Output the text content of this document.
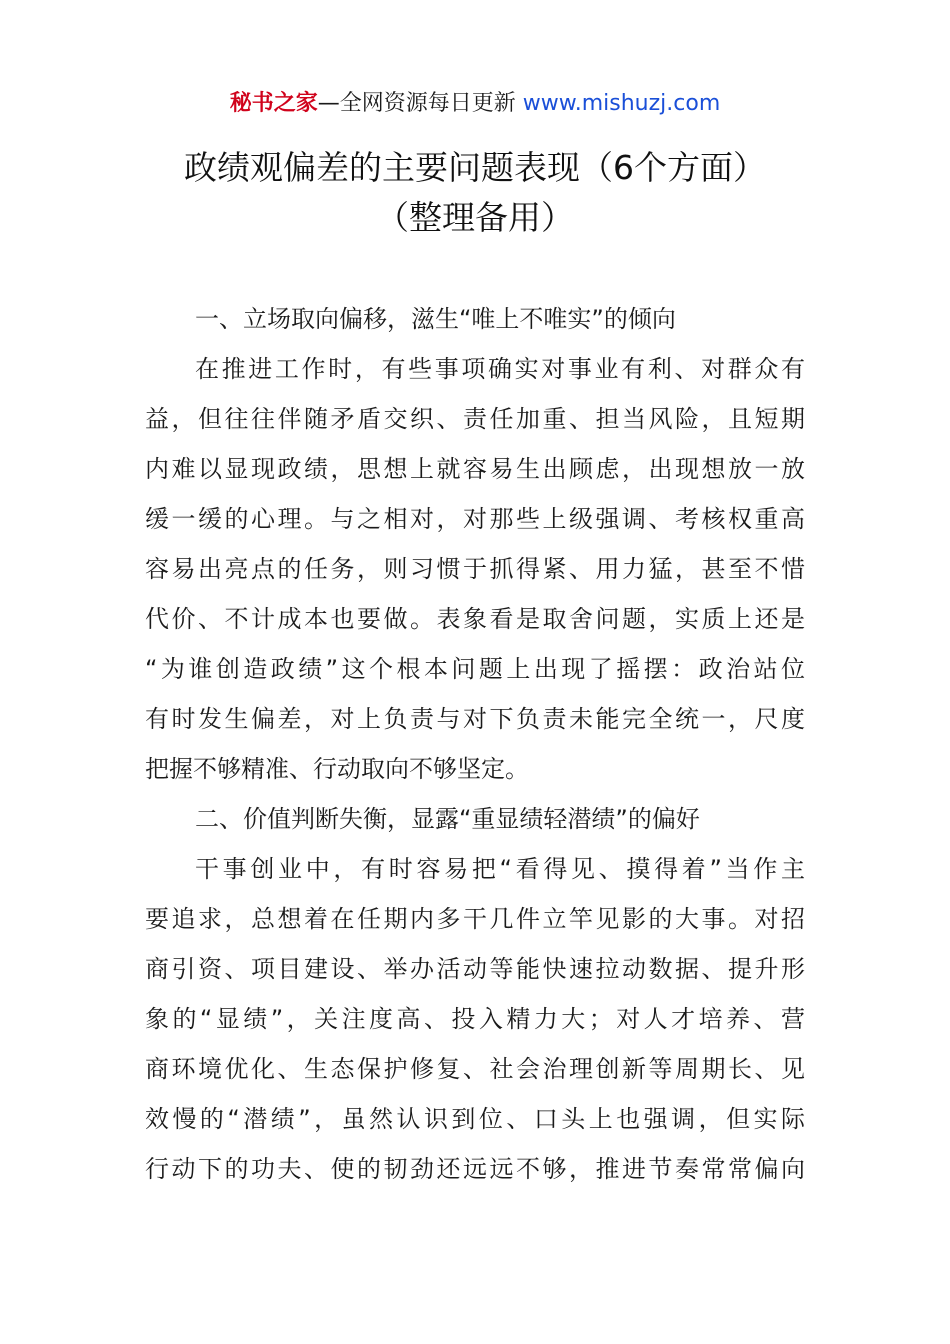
秘书之家—全网资源每日更新 www.mishuzj.com
政绩观偏差的主要问题表现（6个方面）
（整理备用）
一、立场取向偏移，滋生“唯上不唯实”的倾向
在推进工作时，有些事项确实对事业有利、对群众有
益，但往往伴随矛盾交织、责任加重、担当风险，且短期
内难以显现政绩，思想上就容易生出顾虑，出现想放一放
缓一缓的心理。与之相对，对那些上级强调、考核权重高
容易出亮点的任务，则习惯于抓得紧、用力猛，甚至不惜
代价、不计成本也要做。表象看是取舍问题，实质上还是
“为谁创造政绩”这个根本问题上出现了摇摆：政治站位
有时发生偏差，对上负责与对下负责未能完全统一，尺度
把握不够精准、行动取向不够坚定。
二、价值判断失衡，显露“重显绩轻潜绩”的偏好
干事创业中，有时容易把“看得见、摸得着”当作主
要追求，总想着在任期内多干几件立竿见影的大事。对招
商引资、项目建设、举办活动等能快速拉动数据、提升形
象的“显绩”，关注度高、投入精力大；对人才培养、营
商环境优化、生态保护修复、社会治理创新等周期长、见
效慢的“潜绩”，虽然认识到位、口头上也强调，但实际
行动下的功夫、使的韧劲还远远不够，推进节奏常常偏向
